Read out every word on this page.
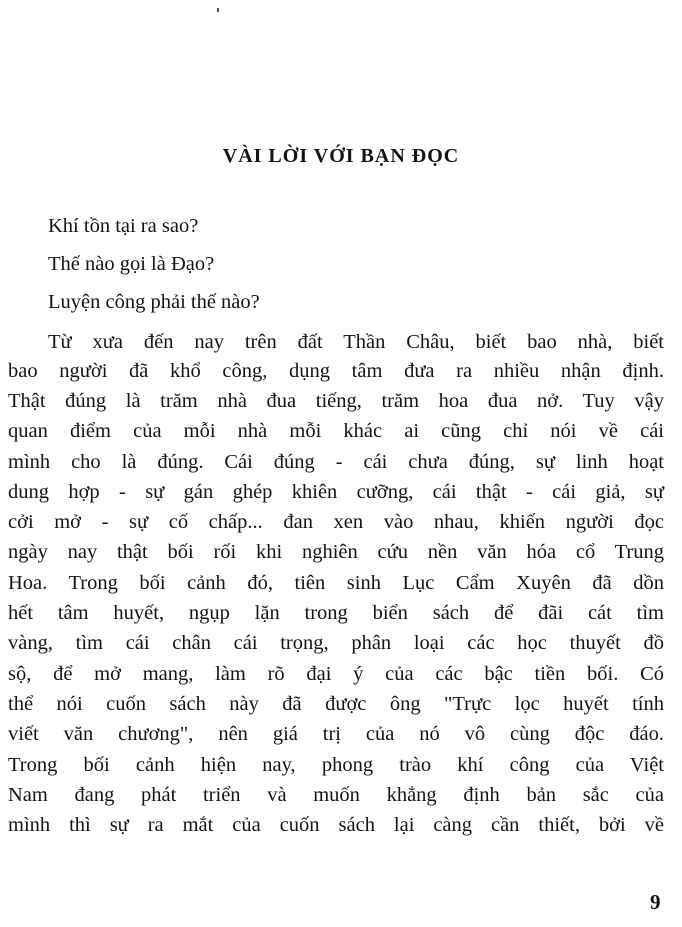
VÀI LỜI VỚI BẠN ĐỌC
Khí tồn tại ra sao?
Thế nào gọi là Đạo?
Luyện công phải thế nào?
Từ xưa đến nay trên đất Thần Châu, biết bao nhà, biết
bao người đã khổ công, dụng tâm đưa ra nhiều nhận định.
Thật đúng là trăm nhà đua tiếng, trăm hoa đua nở. Tuy vậy
quan điểm của mỗi nhà mỗi khác ai cũng chỉ nói về cái
mình cho là đúng. Cái đúng - cái chưa đúng, sự linh hoạt
dung hợp - sự gán ghép khiên cưỡng, cái thật - cái giả, sự
cởi mở - sự cố chấp... đan xen vào nhau, khiến người đọc
ngày nay thật bối rối khi nghiên cứu nền văn hóa cổ Trung
Hoa. Trong bối cảnh đó, tiên sinh Lục Cẩm Xuyên đã dồn
hết tâm huyết, ngụp lặn trong biển sách để đãi cát tìm
vàng, tìm cái chân cái trọng, phân loại các học thuyết đồ
sộ, để mở mang, làm rõ đại ý của các bậc tiền bối. Có
thể nói cuốn sách này đã được ông "Trực lọc huyết tính
viết văn chương", nên giá trị của nó vô cùng độc đáo.
Trong bối cảnh hiện nay, phong trào khí công của Việt
Nam đang phát triển và muốn khẳng định bản sắc của
mình thì sự ra mắt của cuốn sách lại càng cần thiết, bởi về
9
